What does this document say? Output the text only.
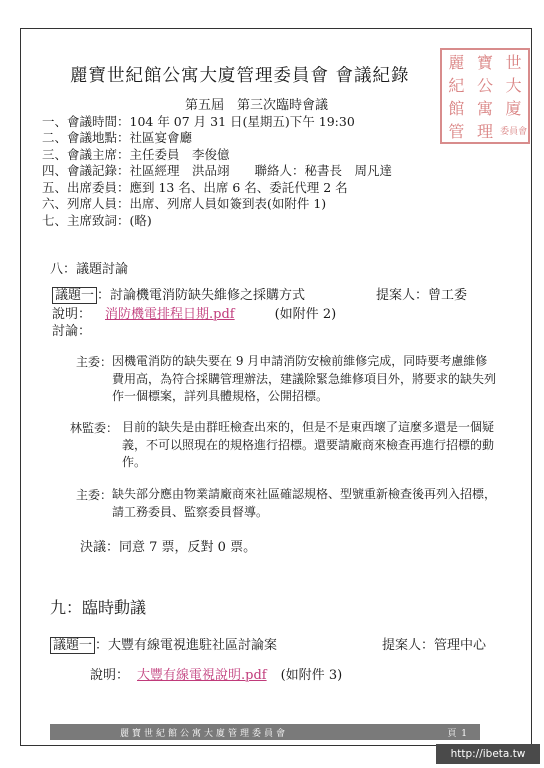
麗寶世紀館公寓大廈管理委員會 會議紀錄
麗 寶 世
紀 公 大
館 寓 廈
管 理 委員會
第五屆　第三次臨時會議
一、會議時間：104 年 07 月 31 日(星期五)下午 19:30
二、會議地點：社區宴會廳
三、會議主席：主任委員　李俊億
四、會議記錄：社區經理　洪品翊　　聯絡人：秘書長　周凡達
五、出席委員：應到 13 名、出席 6 名、委託代理 2 名
六、列席人員：出席、列席人員如簽到表(如附件 1)
七、主席致詞：(略)
八：議題討論
議題一 ：討論機電消防缺失維修之採購方式	提案人：曾工委
說明： 消防機電排程日期.pdf	(如附件 2)
討論：
主委： 因機電消防的缺失要在 9 月申請消防安檢前維修完成，同時要考慮維修費用高，為符合採購管理辦法，建議除緊急維修項目外，將要求的缺失列作一個標案，詳列具體規格，公開招標。
林監委： 目前的缺失是由群旺檢查出來的，但是不是東西壞了這麼多還是一個疑義，不可以照現在的規格進行招標。還要請廠商來檢查再進行招標的動作。
主委： 缺失部分應由物業請廠商來社區確認規格、型號重新檢查後再列入招標，請工務委員、監察委員督導。
決議：同意 7 票，反對 0 票。
九：臨時動議
議題一 ：大豐有線電視進駐社區討論案	提案人：管理中心
說明： 大豐有線電視說明.pdf (如附件 3)
麗寶世紀館公寓大廈管理委員會	頁 1
http://ibeta.tw
